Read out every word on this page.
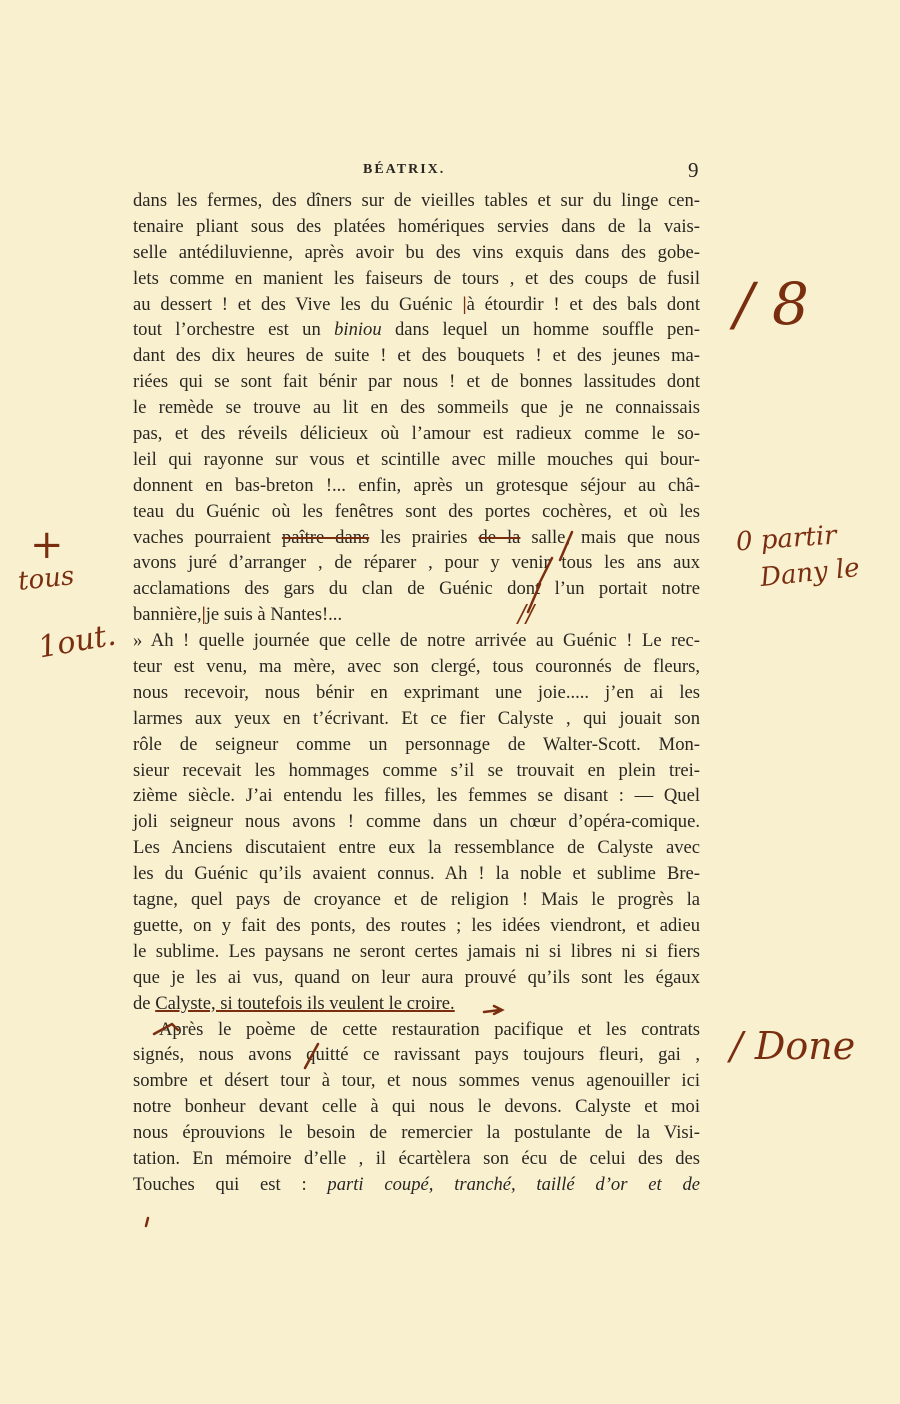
BÉATRIX.	9
dans les fermes, des dîners sur de vieilles tables et sur du linge cen-
tenaire pliant sous des platées homériques servies dans de la vais-
selle antédiluvienne, après avoir bu des vins exquis dans des gobe-
lets comme en manient les faiseurs de tours , et des coups de fusil
au dessert ! et des Vive les du Guénic |à étourdir ! et des bals dont
tout l’orchestre est un biniou dans lequel un homme souffle pen-
dant des dix heures de suite ! et des bouquets ! et des jeunes ma-
riées qui se sont fait bénir par nous ! et de bonnes lassitudes dont
le remède se trouve au lit en des sommeils que je ne connaissais
pas, et des réveils délicieux où l’amour est radieux comme le so-
leil qui rayonne sur vous et scintille avec mille mouches qui bour-
donnent en bas-breton !... enfin, après un grotesque séjour au châ-
teau du Guénic où les fenêtres sont des portes cochères, et où les
vaches pourraient paître dans les prairies de la salle, mais que nous
avons juré d’arranger , de réparer , pour y venir tous les ans aux
acclamations des gars du clan de Guénic dont l’un portait notre
bannière,|je suis à Nantes!...
» Ah ! quelle journée que celle de notre arrivée au Guénic ! Le rec-
teur est venu, ma mère, avec son clergé, tous couronnés de fleurs,
nous recevoir, nous bénir en exprimant une joie..... j’en ai les
larmes aux yeux en t’écrivant. Et ce fier Calyste , qui jouait son
rôle de seigneur comme un personnage de Walter-Scott. Mon-
sieur recevait les hommages comme s’il se trouvait en plein trei-
zième siècle. J’ai entendu les filles, les femmes se disant : — Quel
joli seigneur nous avons ! comme dans un chœur d’opéra-comique.
Les Anciens discutaient entre eux la ressemblance de Calyste avec
les du Guénic qu’ils avaient connus. Ah ! la noble et sublime Bre-
tagne, quel pays de croyance et de religion ! Mais le progrès la
guette, on y fait des ponts, des routes ; les idées viendront, et adieu
le sublime. Les paysans ne seront certes jamais ni si libres ni si fiers
que je les ai vus, quand on leur aura prouvé qu’ils sont les égaux
de Calyste, si toutefois ils veulent le croire.
Après le poème de cette restauration pacifique et les contrats
signés, nous avons quitté ce ravissant pays toujours fleuri, gai ,
sombre et désert tour à tour, et nous sommes venus agenouiller ici
notre bonheur devant celle à qui nous le devons. Calyste et moi
nous éprouvions le besoin de remercier la postulante de la Visi-
tation. En mémoire d’elle , il écartèlera son écu de celui des des
Touches qui est : parti coupé, tranché, taillé d’or et de
+
tous
1out.
/ 8
0 partir
Dany le
//
/ Done
